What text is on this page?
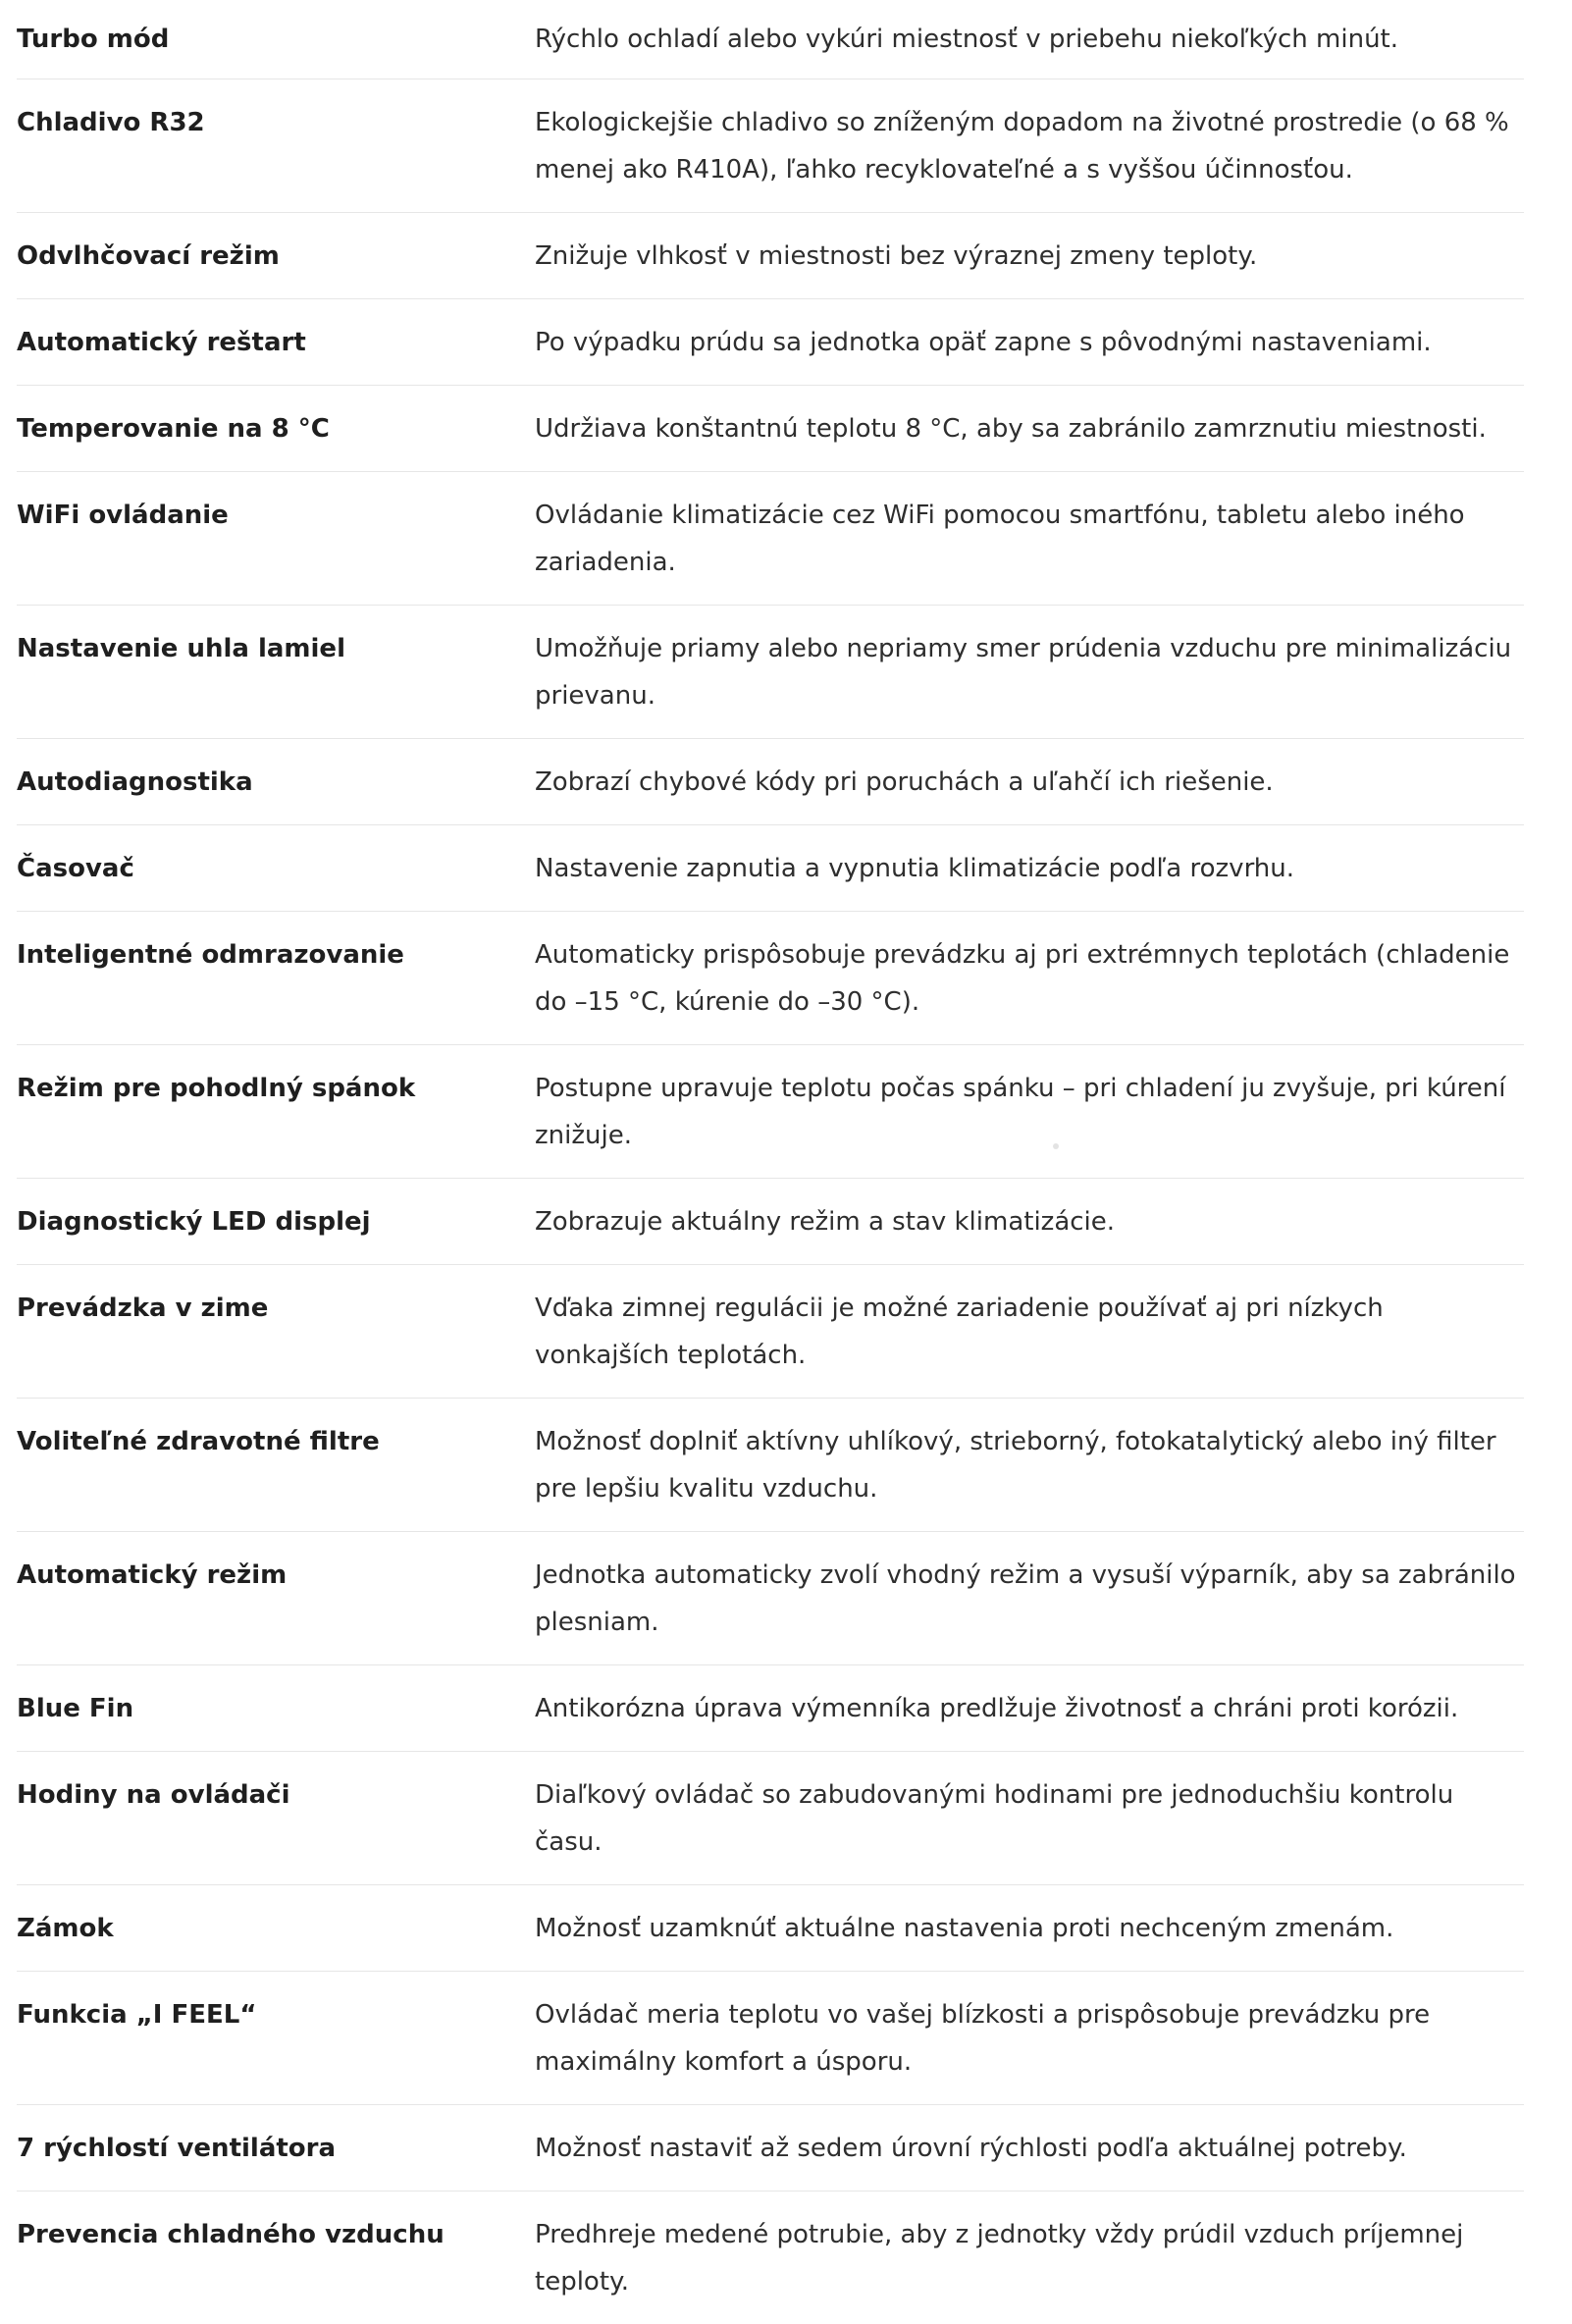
Turbo mód	Rýchlo ochladí alebo vykúri miestnosť v priebehu niekoľkých minút.
Chladivo R32	Ekologickejšie chladivo so zníženým dopadom na životné prostredie (o 68 % menej ako R410A), ľahko recyklovateľné a s vyššou účinnosťou.
Odvlhčovací režim	Znižuje vlhkosť v miestnosti bez výraznej zmeny teploty.
Automatický reštart	Po výpadku prúdu sa jednotka opäť zapne s pôvodnými nastaveniami.
Temperovanie na 8 °C	Udržiava konštantnú teplotu 8 °C, aby sa zabránilo zamrznutiu miestnosti.
WiFi ovládanie	Ovládanie klimatizácie cez WiFi pomocou smartfónu, tabletu alebo iného zariadenia.
Nastavenie uhla lamiel	Umožňuje priamy alebo nepriamy smer prúdenia vzduchu pre minimalizáciu prievanu.
Autodiagnostika	Zobrazí chybové kódy pri poruchách a uľahčí ich riešenie.
Časovač	Nastavenie zapnutia a vypnutia klimatizácie podľa rozvrhu.
Inteligentné odmrazovanie	Automaticky prispôsobuje prevádzku aj pri extrémnych teplotách (chladenie do –15 °C, kúrenie do –30 °C).
Režim pre pohodlný spánok	Postupne upravuje teplotu počas spánku – pri chladení ju zvyšuje, pri kúrení znižuje.
Diagnostický LED displej	Zobrazuje aktuálny režim a stav klimatizácie.
Prevádzka v zime	Vďaka zimnej regulácii je možné zariadenie používať aj pri nízkych vonkajších teplotách.
Voliteľné zdravotné filtre	Možnosť doplniť aktívny uhlíkový, strieborný, fotokatalytický alebo iný filter pre lepšiu kvalitu vzduchu.
Automatický režim	Jednotka automaticky zvolí vhodný režim a vysuší výparník, aby sa zabránilo plesniam.
Blue Fin	Antikorózna úprava výmenníka predlžuje životnosť a chráni proti korózii.
Hodiny na ovládači	Diaľkový ovládač so zabudovanými hodinami pre jednoduchšiu kontrolu času.
Zámok	Možnosť uzamknúť aktuálne nastavenia proti nechceným zmenám.
Funkcia „I FEEL“	Ovládač meria teplotu vo vašej blízkosti a prispôsobuje prevádzku pre maximálny komfort a úsporu.
7 rýchlostí ventilátora	Možnosť nastaviť až sedem úrovní rýchlosti podľa aktuálnej potreby.
Prevencia chladného vzduchu	Predhreje medené potrubie, aby z jednotky vždy prúdil vzduch príjemnej teploty.
